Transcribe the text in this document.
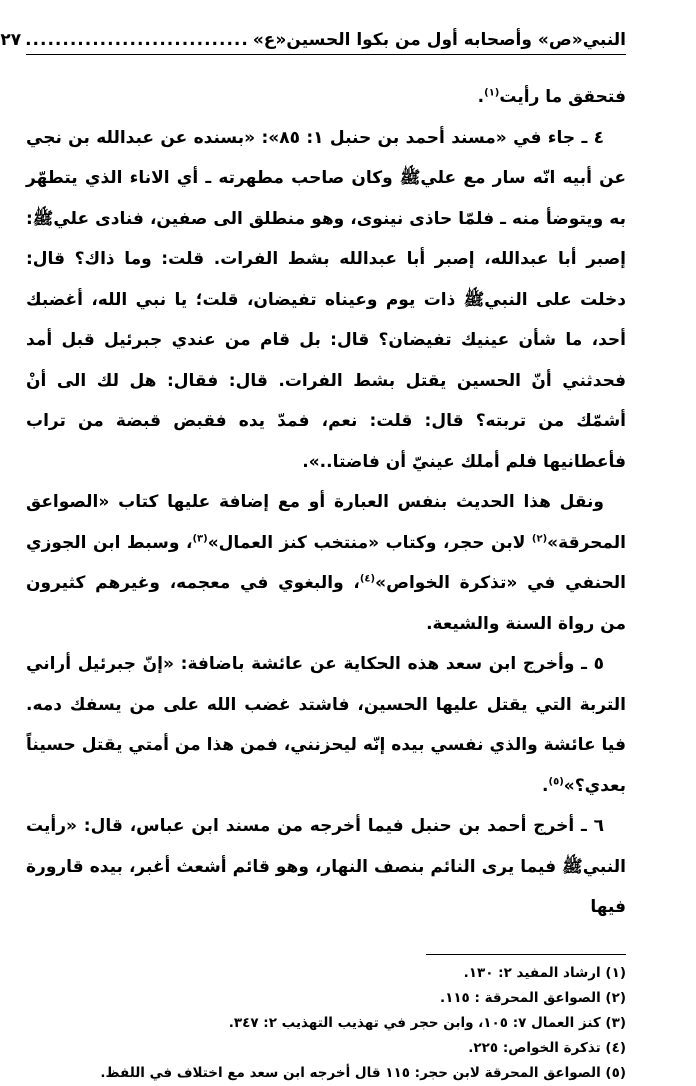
النبي«ص» وأصحابه أول من بكوا الحسين«ع»
..............................
٢٧

فتحقق ما رأيت$^{(١)}$.

٤ ـ جاء في «مسند أحمد بن حنبل ١: ٨٥»: «بسنده عن عبدالله بن نجي عن أبيه انّه سار مع عليﷺ وكان صاحب مطهرته ـ أي الاناء الذي يتطهّر به ويتوضأ منه ـ فلمّا حاذى نينوى، وهو منطلق الى صفين، فنادى عليﷺ: إصبر أبا عبدالله، إصبر أبا عبدالله بشط الفرات. قلت: وما ذاك؟ قال: دخلت على النبيﷺ ذات يوم وعيناه تفيضان، قلت؛ يا نبي الله، أغضبك أحد، ما شأن عينيك تفيضان؟ قال: بل قام من عندي جبرئيل قبل أمد فحدثني أنّ الحسين يقتل بشط الفرات. قال: فقال: هل لك الى أنْ أشمّك من تربته؟ قال: قلت: نعم، فمدّ يده فقبض قبضة من تراب فأعطانيها فلم أملك عينيّ أن فاضتا..».

ونقل هذا الحديث بنفس العبارة أو مع إضافة عليها كتاب «الصواعق المحرقة»$^{(٢)}$ لابن حجر، وكتاب «منتخب كنز العمال»$^{(٣)}$، وسبط ابن الجوزي الحنفي في «تذكرة الخواص»$^{(٤)}$، والبغوي في معجمه، وغيرهم كثيرون من رواة السنة والشيعة.

٥ ـ وأخرج ابن سعد هذه الحكاية عن عائشة باضافة: «إنّ جبرئيل أراني التربة التي يقتل عليها الحسين، فاشتد غضب الله على من يسفك دمه. فيا عائشة والذي نفسي بيده إنّه ليحزنني، فمن هذا من أمتي يقتل حسيناً بعدي؟»$^{(٥)}$.

٦ ـ أخرج أحمد بن حنبل فيما أخرجه من مسند ابن عباس، قال: «رأيت النبيﷺ فيما يرى النائم بنصف النهار، وهو قائم أشعث أغبر، بيده قارورة فيها

(١) ارشاد المفيد ٢: ١٣٠.

(٢) الصواعق المحرقة : ١١٥.

(٣) كنز العمال ٧: ١٠٥، وابن حجر في تهذيب التهذيب ٢: ٣٤٧.

(٤) تذكرة الخواص: ٢٢٥.

(٥) الصواعق المحرقة لابن حجر: ١١٥ قال أخرجه ابن سعد مع اختلاف في اللفظ.
